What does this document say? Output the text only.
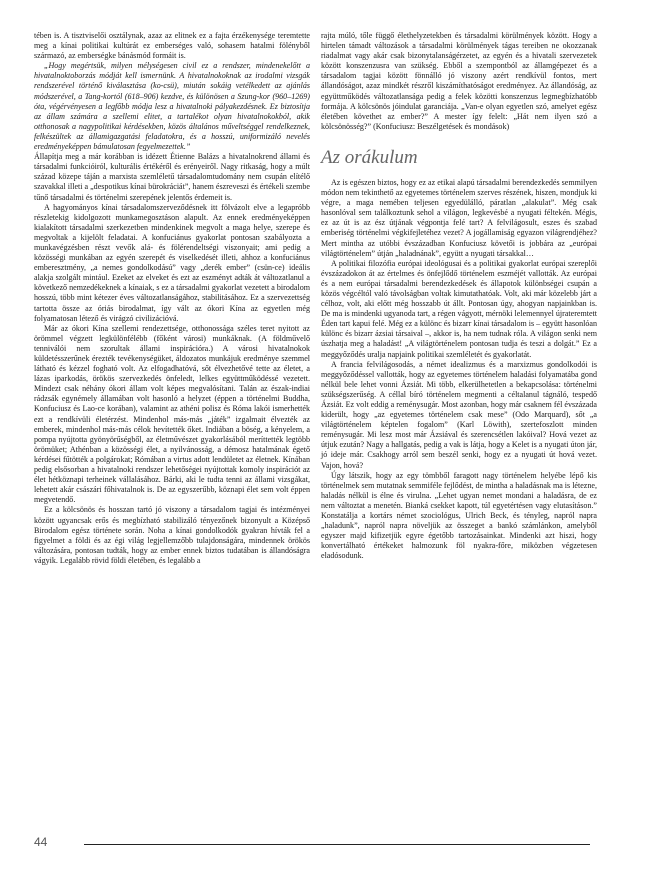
tében is. A tisztviselői osztálynak, azaz az elitnek ez a fajta érzékenysége teremtette meg a kínai politikai kultúrát ez emberséges való, sohasem hatalmi fölényből származó, az emberségke bánásmód formáit is.

„Hogy megértsük, milyen mélységesen civil ez a rendszer, mindenekelőtt a hivatalnoktoborzás módját kell ismernünk. A hivatalnokoknak az irodalmi vizsgák rendszerével történő kiválasztása (ko-csü), miután sokáig vetélkedett az ajánlás módszerével, a Tang-kortól (618–906) kezdve, és különösen a Szung-kor (960–1269) óta, végérvényesen a legfőbb módja lesz a hivatalnoki pályakezdésnek. Ez biztosítja az állam számára a szellemi elitet, a tartalékot olyan hivatalnokokból, akik otthonosak a nagypolitikai kérdésekben, közös általános műveltséggel rendelkeznek, felkészültek az államigazgatási feladatokra, és a hosszú, uniformizáló nevelés eredményeképpen bámulatosan fegyelmezettek.”

Állapítja meg a már korábban is idézett Étienne Balázs a hivatalnokrend állami és társadalmi funkcióiról, kulturális értékéről és erényeiről. Nagy ritkaság, hogy a múlt század közepe táján a marxista szemléletű társadalomtudomány nem csupán elítélő szavakkal illeti a „despotikus kínai bürokráciát”, hanem észreveszi és értékeli szembe tűnő társadalmi és történelmi szerepének jelentős érdemeit is.

A hagyományos kínai társadalomszerveződésnek itt fölvázolt elve a legapróbb részletekig kidolgozott munkamegosztáson alapult. Az ennek eredményeképpen kialakított társadalmi szerkezetben mindenkinek megvolt a maga helye, szerepe és megvoltak a kijelölt feladatai. A konfuciánus gyakorlat pontosan szabályozta a munkavégzésben részt vevők alá- és fölérendeltségi viszonyait; ami pedig a közösségi munkában az egyén szerepét és viselkedését illeti, ahhoz a konfuciánus emberesztmény, „a nemes gondolkodású” vagy „derék ember” (csün-ce) ideális alakja szolgált mintául. Ezeket az elveket és ezt az eszményt adták át változatlanul a következő nemzedékeknek a kínaiak, s ez a társadalmi gyakorlat vezetett a birodalom hosszú, több mint kétezer éves változatlanságához, stabilitásához. Ez a szervezettség tartotta össze az óriás birodalmat, így vált az ókori Kína az egyetlen még folyamatosan létező és virágzó civilizációvá.

Már az ókori Kína szellemi rendezettsége, otthonossága széles teret nyitott az örömmel végzett legkülönfélébb (főként városi) munkáknak. (A földművelő tenniválói nem szorultak állami inspirációra.) A városi hivatalnokok küldetésszerűnek érezték tevékenységüket, áldozatos munkájuk eredménye szemmel látható és kézzel fogható volt. Az elfogadhatóvá, sőt élvezhetővé tette az életet, a lázas iparkodás, örökös szervezkedés önfeledt, lelkes együttműködéssé vezetett. Mindezt csak néhány ókori állam volt képes megvalósítani. Talán az észak-indiai rádzsák egynémely államában volt hasonló a helyzet (éppen a történelmi Buddha, Konfuciusz és Lao-ce korában), valamint az athéni polisz és Róma lakói ismerhették ezt a rendkívüli életérzést. Mindenhol más-más „játék” izgalmait élvezték az emberek, mindenhol más-más célok hevítették őket. Indiában a böség, a kényelem, a pompa nyújtotta gyönyörűségből, az életművészet gyakorlásából meríttették legtöbb örömüket; Athénban a közösségi élet, a nyilvánosság, a démosz hatalmának égető kérdései fűtötték a polgárokat; Rómában a virtus adott lendületet az életnek. Kínában pedig elsősorban a hivatalnoki rendszer lehetőségei nyújtottak komoly inspirációt az élet hétköznapi terheinek vállalásához. Bárki, aki le tudta tenni az állami vizsgákat, lehetett akár császári főhivatalnok is. De az egyszerűbb, köznapi élet sem volt éppen megvetendő.

Ez a kölcsönös és hosszan tartó jó viszony a társadalom tagjai és intézményei között ugyancsak erős és megbízható stabilizáló tényezőnek bizonyult a Középső Birodalom egész története során. Noha a kínai gondolkodók gyakran hívták fel a figyelmet a földi és az égi világ legjellemzőbb tulajdonságára, mindennek örökös változására, pontosan tudták, hogy az ember ennek biztos tudatában is állandóságra vágyik. Legalább rövid földi életében, és legalább a

rajta múló, tőle függő élethelyzetekben és társadalmi körülmények között. Hogy a hirtelen támadt változások a társadalmi körülmények tágas tereiben ne okozzanak riadalmat vagy akár csak bizonytalanságérzetet, az egyén és a hivatali szervezetek között konszenzusra van szükség. Ebből a szempontból az államgépezet és a társadalom tagjai között fönnálló jó viszony azért rendkívül fontos, mert állandóságot, azaz mindkét részről kiszámíthatóságot eredményez. Az állandóság, az együttműködés változatlansága pedig a felek közötti konszenzus legmegbízhatóbb formája. A kölcsönös jóindulat garanciája. „Van-e olyan egyetlen szó, amelyet egész életében követhet az ember?” A mester így felelt: „Hát nem ilyen szó a kölcsönösség?” (Konfuciusz: Beszélgetések és mondások)

Az orákulum

Az is egészen biztos, hogy ez az etikai alapú társadalmi berendezkedés semmilyen módon nem tekinthető az egyetemes történelem szerves részének, hiszen, mondjuk ki végre, a maga nemében teljesen egyedülálló, páratlan „alakulat”. Még csak hasonlóval sem találkoztunk sehol a világon, legkevésbé a nyugati féltekén. Mégis, ez az út is az ész útjának végpontja felé tart? A felvilágosult, eszes és szabad emberiség történelmi végkifejletéhez vezet? A jogállamiság egyazon világrendjéhez? Mert mintha az utóbbi évszázadban Konfuciusz követői is jobbára az „európai világtörténelem” útján „haladnának”, együtt a nyugati társakkal…

A politikai filozófia európai ideológusai és a politikai gyakorlat európai szereplői évszázadokon át az értelmes és önfejlődő történelem eszméjét vallották. Az európai és a nem európai társadalmi berendezkedések és állapotok különbségei csupán a közös végcéltól való távolságban voltak kimutathatóak. Volt, aki már közelebb járt a célhoz, volt, aki előtt még hosszabb út állt. Pontosan úgy, ahogyan napjainkban is. De ma is mindenki ugyanoda tart, a régen vágyott, mérnöki lelemennyel újrateremtett Éden tart kapui felé. Még ez a különc és bizarr kínai társadalom is – együtt hasonlóan különc és bizarr ázsiai társaival –, akkor is, ha nem tudnak róla. A világon senki nem úszhatja meg a haladást! „A világtörténelem pontosan tudja és teszi a dolgát.” Ez a meggyőződés uralja napjaink politikai szemléletét és gyakorlatát.

A francia felvilágosodás, a német idealizmus és a marxizmus gondolkodói is meggyőződéssel vallották, hogy az egyetemes történelem haladási folyamatába gond nélkül bele lehet vonni Ázsiát. Mi több, elkerülhetetlen a bekapcsolása: történelmi szükségszerűség. A céllal bíró történelem megmenti a céltalanul tágnáló, tespedő Ázsiát. Ez volt eddig a reménysugár. Most azonban, hogy már csaknem fél évszázada kiderült, hogy „az egyetemes történelem csak mese” (Odo Marquard), sőt „a világtörténelem képtelen fogalom” (Karl Löwith), szertefoszlott minden reménysugár. Mi lesz most már Ázsiával és szerencsétlen lakóival? Hová vezet az útjuk ezután? Nagy a hallgatás, pedig a vak is látja, hogy a Kelet is a nyugati úton jár, jó ideje már. Csakhogy arról sem beszél senki, hogy ez a nyugati út hová vezet. Vajon, hová?

Úgy látszik, hogy az egy tömbből faragott nagy történelem helyébe lépő kis történelmek sem mutatnak semmiféle fejlődést, de mintha a haladásnak ma is létezne, haladás nélkül is élne és virulna. „Lehet ugyan nemet mondani a haladásra, de ez nem változtat a menetén. Bianká csekket kapott, túl egyetértésen vagy elutasításon.” Konstatálja a kortárs német szociológus, Ulrich Beck, és tényleg, napról napra „haladunk”, napról napra növeljük az összeget a bankó számlánkon, amelyből egyszer majd kifizetjük egyre égetőbb tartozásainkat. Mindenki azt hiszi, hogy konvertálható értékeket halmozunk föl nyakra-főre, miközben végzetesen eladósodunk.

44
